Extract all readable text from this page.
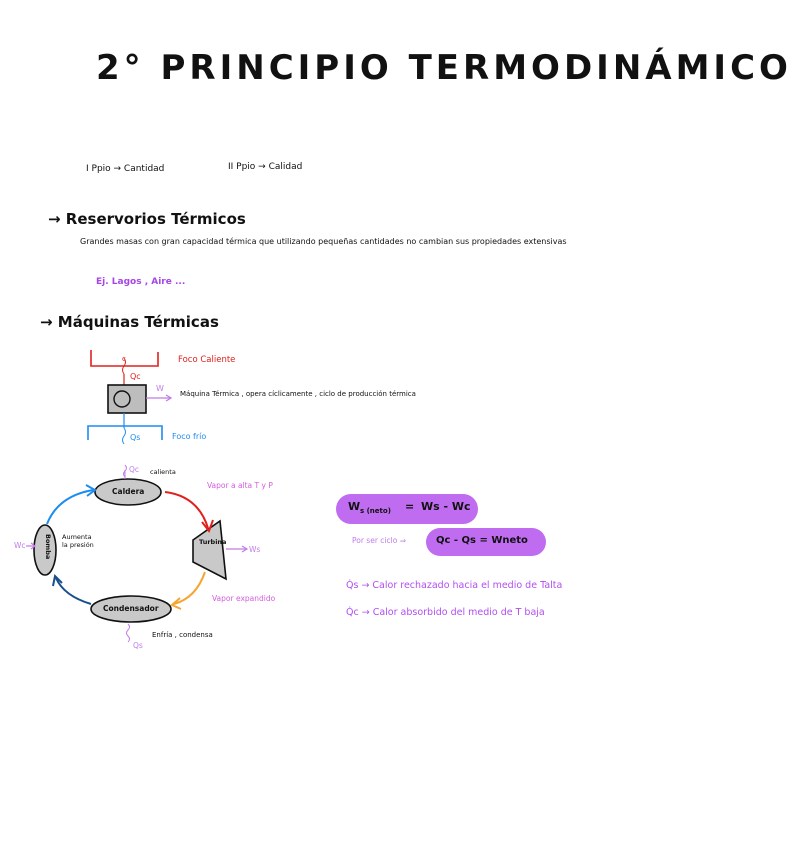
2° PRINCIPIO TERMODINÁMICO
I Ppio → Cantidad	II Ppio → Calidad
→ Reservorios Térmicos
Grandes masas con gran capacidad térmica que utilizando pequeñas cantidades no cambian sus propiedades extensivas
Ej. Lagos , Aire ...
→ Máquinas Térmicas
c	Foco Caliente
Qc
W
Máquina Térmica , opera cíclicamente , ciclo de producción térmica
Qs	Foco frío
Qc calienta
Caldera
Vapor a alta T y P
Turbina
Ws
Bomba Aumenta la presión
Wc
Condensador
Vapor expandido
Qs
Enfría , condensa
W s (neto) = Ws - Wc
Por ser ciclo ⇒	Qc - Qs = Wneto
Q̇s → Calor rechazado hacia el medio de Talta
Q̇c → Calor absorbido del medio de T baja
